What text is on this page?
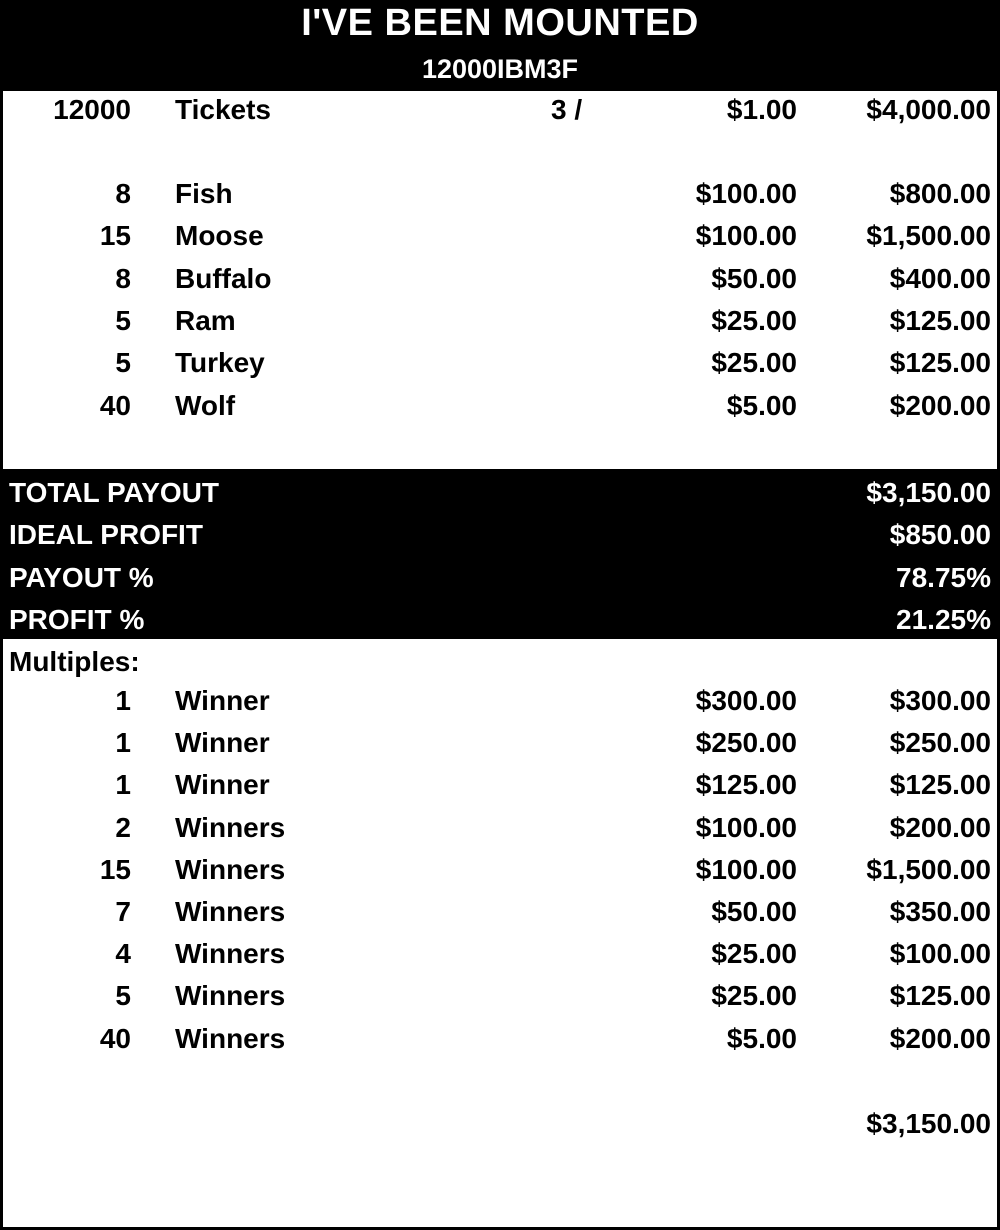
I'VE BEEN MOUNTED
12000IBM3F
12000 Tickets	3 /	$1.00 $4,000.00
8 Fish	$100.00	$800.00
15 Moose	$100.00 $1,500.00
8 Buffalo	$50.00	$400.00
5 Ram	$25.00	$125.00
5 Turkey	$25.00	$125.00
40 Wolf	$5.00	$200.00
TOTAL PAYOUT	$3,150.00
IDEAL PROFIT	$850.00
PAYOUT %	78.75%
PROFIT %	21.25%
Multiples:
1 Winner	$300.00	$300.00
1 Winner	$250.00	$250.00
1 Winner	$125.00	$125.00
2 Winners	$100.00	$200.00
15 Winners	$100.00 $1,500.00
7 Winners	$50.00	$350.00
4 Winners	$25.00	$100.00
5 Winners	$25.00	$125.00
40 Winners	$5.00	$200.00
$3,150.00
